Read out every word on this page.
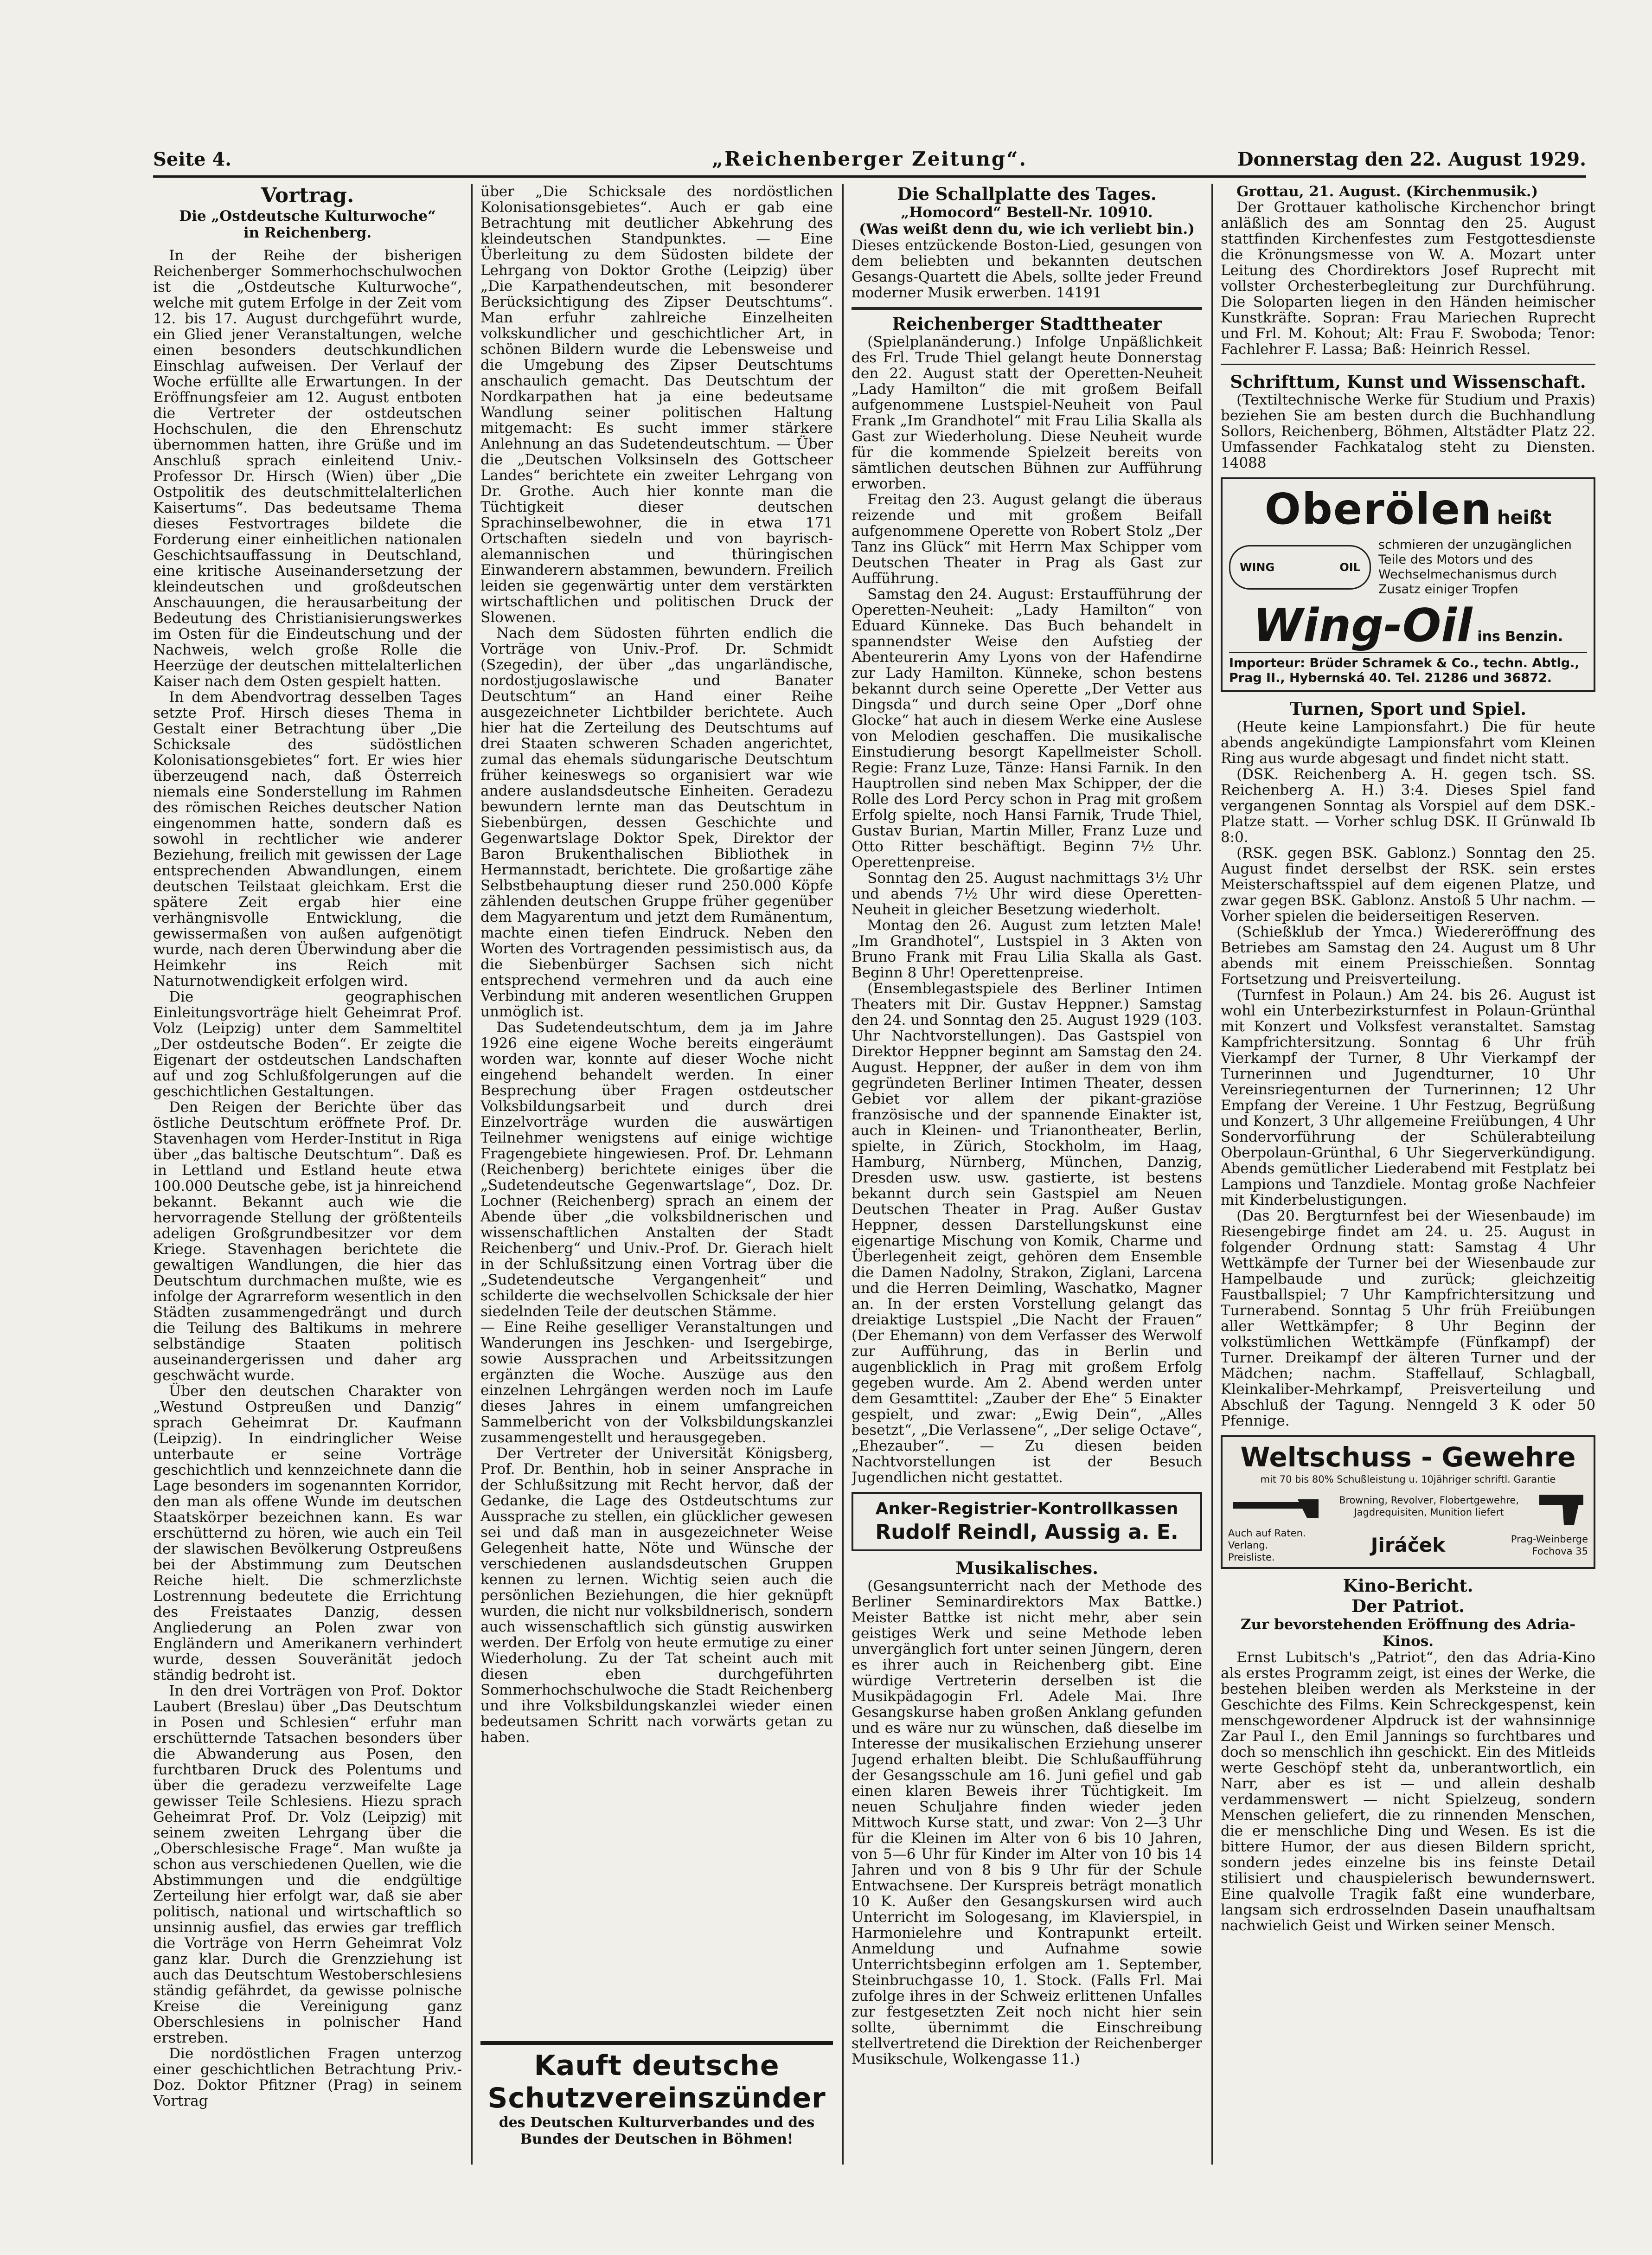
Seite 4.	„Reichenberger Zeitung“.	Donnerstag den 22. August 1929.

Vortrag.

Die „Ostdeutsche Kulturwoche“

in Reichenberg.

In der Reihe der bisherigen Reichenberger Sommerhochschulwochen ist die „Ostdeutsche Kulturwoche“, welche mit gutem Erfolge in der Zeit vom 12. bis 17. August durchgeführt wurde, ein Glied jener Veranstaltungen, welche einen besonders deutschkundlichen Einschlag aufweisen. Der Verlauf der Woche erfüllte alle Erwartungen. In der Eröffnungsfeier am 12. August entboten die Vertreter der ostdeutschen Hochschulen, die den Ehrenschutz übernommen hatten, ihre Grüße und im Anschluß sprach einleitend Univ.-Professor Dr. Hirsch (Wien) über „Die Ostpolitik des deutschmittelalterlichen Kaisertums“. Das bedeutsame Thema dieses Festvortrages bildete die Forderung einer einheitlichen nationalen Geschichtsauffassung in Deutschland, eine kritische Auseinandersetzung der kleindeutschen und großdeutschen Anschauungen, die herausarbeitung der Bedeutung des Christianisierungswerkes im Osten für die Eindeutschung und der Nachweis, welch große Rolle die Heerzüge der deutschen mittelalterlichen Kaiser nach dem Osten gespielt hatten.

In dem Abendvortrag desselben Tages setzte Prof. Hirsch dieses Thema in Gestalt einer Betrachtung über „Die Schicksale des südöstlichen Kolonisationsgebietes“ fort. Er wies hier überzeugend nach, daß Österreich niemals eine Sonderstellung im Rahmen des römischen Reiches deutscher Nation eingenommen hatte, sondern daß es sowohl in rechtlicher wie anderer Beziehung, freilich mit gewissen der Lage entsprechenden Abwandlungen, einem deutschen Teilstaat gleichkam. Erst die spätere Zeit ergab hier eine verhängnisvolle Entwicklung, die gewissermaßen von außen aufgenötigt wurde, nach deren Überwindung aber die Heimkehr ins Reich mit Naturnotwendigkeit erfolgen wird.

Die geographischen Einleitungsvorträge hielt Geheimrat Prof. Volz (Leipzig) unter dem Sammeltitel „Der ostdeutsche Boden“. Er zeigte die Eigenart der ostdeutschen Landschaften auf und zog Schlußfolgerungen auf die geschichtlichen Gestaltungen.

Den Reigen der Berichte über das östliche Deutschtum eröffnete Prof. Dr. Stavenhagen vom Herder-Institut in Riga über „das baltische Deutschtum“. Daß es in Lettland und Estland heute etwa 100.000 Deutsche gebe, ist ja hinreichend bekannt. Bekannt auch wie die hervorragende Stellung der größtenteils adeligen Großgrundbesitzer vor dem Kriege. Stavenhagen berichtete die gewaltigen Wandlungen, die hier das Deutschtum durchmachen mußte, wie es infolge der Agrarreform wesentlich in den Städten zusammengedrängt und durch die Teilung des Baltikums in mehrere selbständige Staaten politisch auseinandergerissen und daher arg geschwächt wurde.

Über den deutschen Charakter von „Westund Ostpreußen und Danzig“ sprach Geheimrat Dr. Kaufmann (Leipzig). In eindringlicher Weise unterbaute er seine Vorträge geschichtlich und kennzeichnete dann die Lage besonders im sogenannten Korridor, den man als offene Wunde im deutschen Staatskörper bezeichnen kann. Es war erschütternd zu hören, wie auch ein Teil der slawischen Bevölkerung Ostpreußens bei der Abstimmung zum Deutschen Reiche hielt. Die schmerzlichste Lostrennung bedeutete die Errichtung des Freistaates Danzig, dessen Angliederung an Polen zwar von Engländern und Amerikanern verhindert wurde, dessen Souveränität jedoch ständig bedroht ist.

In den drei Vorträgen von Prof. Doktor Laubert (Breslau) über „Das Deutschtum in Posen und Schlesien“ erfuhr man erschütternde Tatsachen besonders über die Abwanderung aus Posen, den furchtbaren Druck des Polentums und über die geradezu verzweifelte Lage gewisser Teile Schlesiens. Hiezu sprach Geheimrat Prof. Dr. Volz (Leipzig) mit seinem zweiten Lehrgang über die „Oberschlesische Frage“. Man wußte ja schon aus verschiedenen Quellen, wie die Abstimmungen und die endgültige Zerteilung hier erfolgt war, daß sie aber politisch, national und wirtschaftlich so unsinnig ausfiel, das erwies gar trefflich die Vorträge von Herrn Geheimrat Volz ganz klar. Durch die Grenzziehung ist auch das Deutschtum Westoberschlesiens ständig gefährdet, da gewisse polnische Kreise die Vereinigung ganz Oberschlesiens in polnischer Hand erstreben.

Die nordöstlichen Fragen unterzog einer geschichtlichen Betrachtung Priv.-Doz. Doktor Pfitzner (Prag) in seinem Vortrag

über „Die Schicksale des nordöstlichen Kolonisationsgebietes“. Auch er gab eine Betrachtung mit deutlicher Abkehrung des kleindeutschen Standpunktes. — Eine Überleitung zu dem Südosten bildete der Lehrgang von Doktor Grothe (Leipzig) über „Die Karpathendeutschen, mit besonderer Berücksichtigung des Zipser Deutschtums“. Man erfuhr zahlreiche Einzelheiten volkskundlicher und geschichtlicher Art, in schönen Bildern wurde die Lebensweise und die Umgebung des Zipser Deutschtums anschaulich gemacht. Das Deutschtum der Nordkarpathen hat ja eine bedeutsame Wandlung seiner politischen Haltung mitgemacht: Es sucht immer stärkere Anlehnung an das Sudetendeutschtum. — Über die „Deutschen Volksinseln des Gottscheer Landes“ berichtete ein zweiter Lehrgang von Dr. Grothe. Auch hier konnte man die Tüchtigkeit dieser deutschen Sprachinselbewohner, die in etwa 171 Ortschaften siedeln und von bayrisch-alemannischen und thüringischen Einwanderern abstammen, bewundern. Freilich leiden sie gegenwärtig unter dem verstärkten wirtschaftlichen und politischen Druck der Slowenen.

Nach dem Südosten führten endlich die Vorträge von Univ.-Prof. Dr. Schmidt (Szegedin), der über „das ungarländische, nordostjugoslawische und Banater Deutschtum“ an Hand einer Reihe ausgezeichneter Lichtbilder berichtete. Auch hier hat die Zerteilung des Deutschtums auf drei Staaten schweren Schaden angerichtet, zumal das ehemals südungarische Deutschtum früher keineswegs so organisiert war wie andere auslandsdeutsche Einheiten. Geradezu bewundern lernte man das Deutschtum in Siebenbürgen, dessen Geschichte und Gegenwartslage Doktor Spek, Direktor der Baron Brukenthalischen Bibliothek in Hermannstadt, berichtete. Die großartige zähe Selbstbehauptung dieser rund 250.000 Köpfe zählenden deutschen Gruppe früher gegenüber dem Magyarentum und jetzt dem Rumänentum, machte einen tiefen Eindruck. Neben den Worten des Vortragenden pessimistisch aus, da die Siebenbürger Sachsen sich nicht entsprechend vermehren und da auch eine Verbindung mit anderen wesentlichen Gruppen unmöglich ist.

Das Sudetendeutschtum, dem ja im Jahre 1926 eine eigene Woche bereits eingeräumt worden war, konnte auf dieser Woche nicht eingehend behandelt werden. In einer Besprechung über Fragen ostdeutscher Volksbildungsarbeit und durch drei Einzelvorträge wurden die auswärtigen Teilnehmer wenigstens auf einige wichtige Fragengebiete hingewiesen. Prof. Dr. Lehmann (Reichenberg) berichtete einiges über die „Sudetendeutsche Gegenwartslage“, Doz. Dr. Lochner (Reichenberg) sprach an einem der Abende über „die volksbildnerischen und wissenschaftlichen Anstalten der Stadt Reichenberg“ und Univ.-Prof. Dr. Gierach hielt in der Schlußsitzung einen Vortrag über die „Sudetendeutsche Vergangenheit“ und schilderte die wechselvollen Schicksale der hier siedelnden Teile der deutschen Stämme.

— Eine Reihe geselliger Veranstaltungen und Wanderungen ins Jeschken- und Isergebirge, sowie Aussprachen und Arbeitssitzungen ergänzten die Woche. Auszüge aus den einzelnen Lehrgängen werden noch im Laufe dieses Jahres in einem umfangreichen Sammelbericht von der Volksbildungskanzlei zusammengestellt und herausgegeben.

Der Vertreter der Universität Königsberg, Prof. Dr. Benthin, hob in seiner Ansprache in der Schlußsitzung mit Recht hervor, daß der Gedanke, die Lage des Ostdeutschtums zur Aussprache zu stellen, ein glücklicher gewesen sei und daß man in ausgezeichneter Weise Gelegenheit hatte, Nöte und Wünsche der verschiedenen auslandsdeutschen Gruppen kennen zu lernen. Wichtig seien auch die persönlichen Beziehungen, die hier geknüpft wurden, die nicht nur volksbildnerisch, sondern auch wissenschaftlich sich günstig auswirken werden. Der Erfolg von heute ermutige zu einer Wiederholung. Zu der Tat scheint auch mit diesen eben durchgeführten Sommerhochschulwoche die Stadt Reichenberg und ihre Volksbildungskanzlei wieder einen bedeutsamen Schritt nach vorwärts getan zu haben.

Kauft deutsche Schutzvereinszünder
des Deutschen Kulturverbandes und des Bundes der Deutschen in Böhmen!

Die Schallplatte des Tages.

„Homocord“ Bestell-Nr. 10910.

(Was weißt denn du, wie ich verliebt bin.)

Dieses entzückende Boston-Lied, gesungen von dem beliebten und bekannten deutschen Gesangs-Quartett die Abels, sollte jeder Freund moderner Musik erwerben. 14191

Reichenberger Stadttheater

(Spielplanänderung.) Infolge Unpäßlichkeit des Frl. Trude Thiel gelangt heute Donnerstag den 22. August statt der Operetten-Neuheit „Lady Hamilton“ die mit großem Beifall aufgenommene Lustspiel-Neuheit von Paul Frank „Im Grandhotel“ mit Frau Lilia Skalla als Gast zur Wiederholung. Diese Neuheit wurde für die kommende Spielzeit bereits von sämtlichen deutschen Bühnen zur Aufführung erworben.

Freitag den 23. August gelangt die überaus reizende und mit großem Beifall aufgenommene Operette von Robert Stolz „Der Tanz ins Glück“ mit Herrn Max Schipper vom Deutschen Theater in Prag als Gast zur Aufführung.

Samstag den 24. August: Erstaufführung der Operetten-Neuheit: „Lady Hamilton“ von Eduard Künneke. Das Buch behandelt in spannendster Weise den Aufstieg der Abenteurerin Amy Lyons von der Hafendirne zur Lady Hamilton. Künneke, schon bestens bekannt durch seine Operette „Der Vetter aus Dingsda“ und durch seine Oper „Dorf ohne Glocke“ hat auch in diesem Werke eine Auslese von Melodien geschaffen. Die musikalische Einstudierung besorgt Kapellmeister Scholl. Regie: Franz Luze, Tänze: Hansi Farnik. In den Hauptrollen sind neben Max Schipper, der die Rolle des Lord Percy schon in Prag mit großem Erfolg spielte, noch Hansi Farnik, Trude Thiel, Gustav Burian, Martin Miller, Franz Luze und Otto Ritter beschäftigt. Beginn 7½ Uhr. Operettenpreise.

Sonntag den 25. August nachmittags 3½ Uhr und abends 7½ Uhr wird diese Operetten-Neuheit in gleicher Besetzung wiederholt.

Montag den 26. August zum letzten Male! „Im Grandhotel“, Lustspiel in 3 Akten von Bruno Frank mit Frau Lilia Skalla als Gast. Beginn 8 Uhr! Operettenpreise.

(Ensemblegastspiele des Berliner Intimen Theaters mit Dir. Gustav Heppner.) Samstag den 24. und Sonntag den 25. August 1929 (103. Uhr Nachtvorstellungen). Das Gastspiel von Direktor Heppner beginnt am Samstag den 24. August. Heppner, der außer in dem von ihm gegründeten Berliner Intimen Theater, dessen Gebiet vor allem der pikant-graziöse französische und der spannende Einakter ist, auch in Kleinen- und Trianontheater, Berlin, spielte, in Zürich, Stockholm, im Haag, Hamburg, Nürnberg, München, Danzig, Dresden usw. usw. gastierte, ist bestens bekannt durch sein Gastspiel am Neuen Deutschen Theater in Prag. Außer Gustav Heppner, dessen Darstellungskunst eine eigenartige Mischung von Komik, Charme und Überlegenheit zeigt, gehören dem Ensemble die Damen Nadolny, Strakon, Ziglani, Larcena und die Herren Deimling, Waschatko, Magner an. In der ersten Vorstellung gelangt das dreiaktige Lustspiel „Die Nacht der Frauen“ (Der Ehemann) von dem Verfasser des Werwolf zur Aufführung, das in Berlin und augenblicklich in Prag mit großem Erfolg gegeben wurde. Am 2. Abend werden unter dem Gesamttitel: „Zauber der Ehe“ 5 Einakter gespielt, und zwar: „Ewig Dein“, „Alles besetzt“, „Die Verlassene“, „Der selige Octave“, „Ehezauber“. — Zu diesen beiden Nachtvorstellungen ist der Besuch Jugendlichen nicht gestattet.

Anker-Registrier-Kontrollkassen
Rudolf Reindl, Aussig a. E.

Musikalisches.

(Gesangsunterricht nach der Methode des Berliner Seminardirektors Max Battke.) Meister Battke ist nicht mehr, aber sein geistiges Werk und seine Methode leben unvergänglich fort unter seinen Jüngern, deren es ihrer auch in Reichenberg gibt. Eine würdige Vertreterin derselben ist die Musikpädagogin Frl. Adele Mai. Ihre Gesangskurse haben großen Anklang gefunden und es wäre nur zu wünschen, daß dieselbe im Interesse der musikalischen Erziehung unserer Jugend erhalten bleibt. Die Schlußaufführung der Gesangsschule am 16. Juni gefiel und gab einen klaren Beweis ihrer Tüchtigkeit. Im neuen Schuljahre finden wieder jeden Mittwoch Kurse statt, und zwar: Von 2—3 Uhr für die Kleinen im Alter von 6 bis 10 Jahren, von 5—6 Uhr für Kinder im Alter von 10 bis 14 Jahren und von 8 bis 9 Uhr für der Schule Entwachsene. Der Kurspreis beträgt monatlich 10 K. Außer den Gesangskursen wird auch Unterricht im Sologesang, im Klavierspiel, in Harmonielehre und Kontrapunkt erteilt. Anmeldung und Aufnahme sowie Unterrichtsbeginn erfolgen am 1. September, Steinbruchgasse 10, 1. Stock. (Falls Frl. Mai zufolge ihres in der Schweiz erlittenen Unfalles zur festgesetzten Zeit noch nicht hier sein sollte, übernimmt die Einschreibung stellvertretend die Direktion der Reichenberger Musikschule, Wolkengasse 11.)

Grottau, 21. August. (Kirchenmusik.)

Der Grottauer katholische Kirchenchor bringt anläßlich des am Sonntag den 25. August stattfinden Kirchenfestes zum Festgottesdienste die Krönungsmesse von W. A. Mozart unter Leitung des Chordirektors Josef Ruprecht mit vollster Orchesterbegleitung zur Durchführung. Die Soloparten liegen in den Händen heimischer Kunstkräfte. Sopran: Frau Mariechen Ruprecht und Frl. M. Kohout; Alt: Frau F. Swoboda; Tenor: Fachlehrer F. Lassa; Baß: Heinrich Ressel.

Schrifttum, Kunst und Wissenschaft.

(Textiltechnische Werke für Studium und Praxis) beziehen Sie am besten durch die Buchhandlung Sollors, Reichenberg, Böhmen, Altstädter Platz 22. Umfassender Fachkatalog steht zu Diensten. 14088

Oberölen heißt
WING	OIL
schmieren der unzugänglichen Teile des Motors und des Wechselmechanismus durch Zusatz einiger Tropfen
Wing-Oil ins Benzin.
Importeur: Brüder Schramek & Co., techn. Abtlg., Prag II., Hybernská 40. Tel. 21286 und 36872.

Turnen, Sport und Spiel.

(Heute keine Lampionsfahrt.) Die für heute abends angekündigte Lampionsfahrt vom Kleinen Ring aus wurde abgesagt und findet nicht statt.

(DSK. Reichenberg A. H. gegen tsch. SS. Reichenberg A. H.) 3:4. Dieses Spiel fand vergangenen Sonntag als Vorspiel auf dem DSK.-Platze statt. — Vorher schlug DSK. II Grünwald Ib 8:0.

(RSK. gegen BSK. Gablonz.) Sonntag den 25. August findet derselbst der RSK. sein erstes Meisterschaftsspiel auf dem eigenen Platze, und zwar gegen BSK. Gablonz. Anstoß 5 Uhr nachm. — Vorher spielen die beiderseitigen Reserven.

(Schießklub der Ymca.) Wiedereröffnung des Betriebes am Samstag den 24. August um 8 Uhr abends mit einem Preisschießen. Sonntag Fortsetzung und Preisverteilung.

(Turnfest in Polaun.) Am 24. bis 26. August ist wohl ein Unterbezirksturnfest in Polaun-Grünthal mit Konzert und Volksfest veranstaltet. Samstag Kampfrichtersitzung. Sonntag 6 Uhr früh Vierkampf der Turner, 8 Uhr Vierkampf der Turnerinnen und Jugendturner, 10 Uhr Vereinsriegenturnen der Turnerinnen; 12 Uhr Empfang der Vereine. 1 Uhr Festzug, Begrüßung und Konzert, 3 Uhr allgemeine Freiübungen, 4 Uhr Sondervorführung der Schülerabteilung Oberpolaun-Grünthal, 6 Uhr Siegerverkündigung. Abends gemütlicher Liederabend mit Festplatz bei Lampions und Tanzdiele. Montag große Nachfeier mit Kinderbelustigungen.

(Das 20. Bergturnfest bei der Wiesenbaude) im Riesengebirge findet am 24. u. 25. August in folgender Ordnung statt: Samstag 4 Uhr Wettkämpfe der Turner bei der Wiesenbaude zur Hampelbaude und zurück; gleichzeitig Faustballspiel; 7 Uhr Kampfrichtersitzung und Turnerabend. Sonntag 5 Uhr früh Freiübungen aller Wettkämpfer; 8 Uhr Beginn der volkstümlichen Wettkämpfe (Fünfkampf) der Turner. Dreikampf der älteren Turner und der Mädchen; nachm. Staffellauf, Schlagball, Kleinkaliber-Mehrkampf, Preisverteilung und Abschluß der Tagung. Nenngeld 3 K oder 50 Pfennige.

Weltschuss - Gewehre
mit 70 bis 80% Schußleistung u. 10jähriger schriftl. Garantie
Browning, Revolver, Flobertgewehre, Jagdrequisiten, Munition liefert
Auch auf Raten. Verlang. Preisliste.
Jiráček	Prag-Weinberge Fochova 35

Kino-Bericht.

Der Patriot.

Zur bevorstehenden Eröffnung des Adria-Kinos.

Ernst Lubitsch's „Patriot“, den das Adria-Kino als erstes Programm zeigt, ist eines der Werke, die bestehen bleiben werden als Merksteine in der Geschichte des Films. Kein Schreckgespenst, kein menschgewordener Alpdruck ist der wahnsinnige Zar Paul I., den Emil Jannings so furchtbares und doch so menschlich ihn geschickt. Ein des Mitleids werte Geschöpf steht da, unberantwortlich, ein Narr, aber es ist — und allein deshalb verdammenswert — nicht Spielzeug, sondern Menschen geliefert, die zu rinnenden Menschen, die er menschliche Ding und Wesen. Es ist die bittere Humor, der aus diesen Bildern spricht, sondern jedes einzelne bis ins feinste Detail stilisiert und chauspielerisch bewundernswert. Eine qualvolle Tragik faßt eine wunderbare, langsam sich erdrosselnden Dasein unaufhaltsam nachwielich Geist und Wirken seiner Mensch.
